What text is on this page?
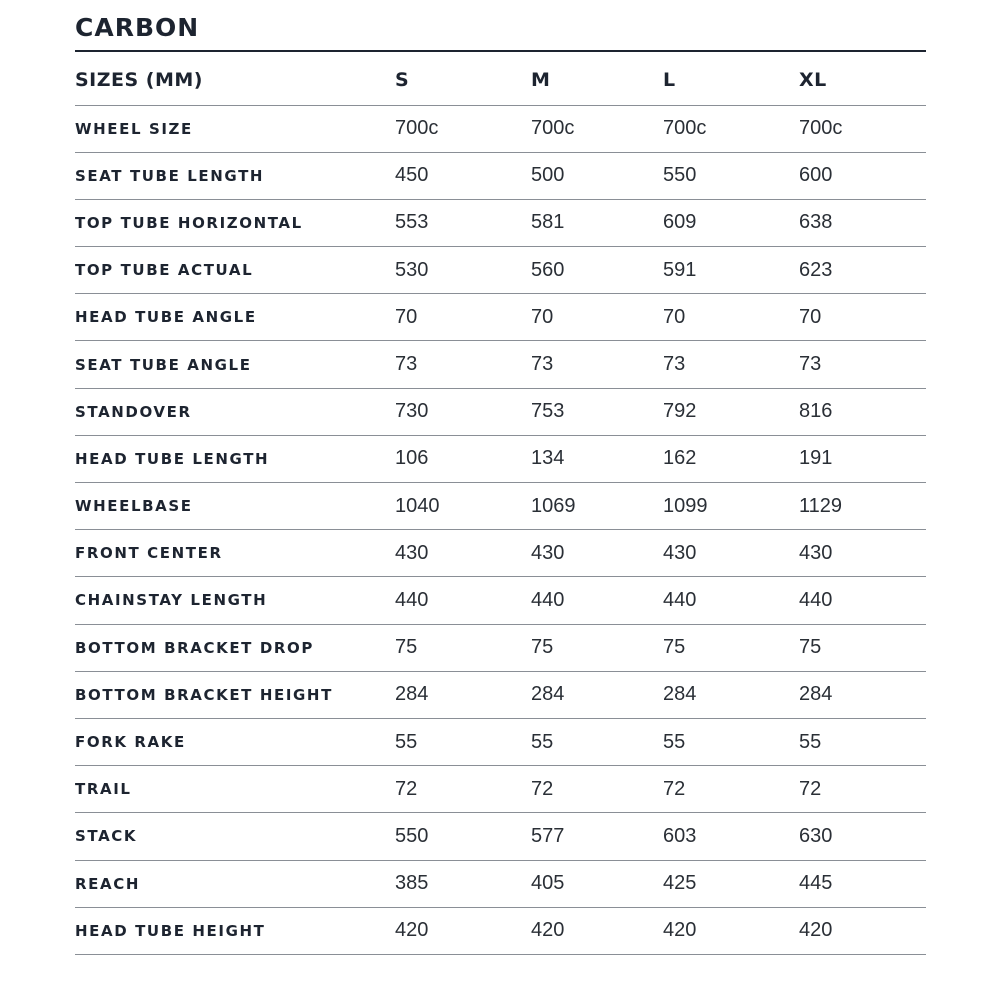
CARBON
SIZES (MM)	S	M	L	XL
WHEEL SIZE	700c	700c	700c	700c
SEAT TUBE LENGTH	450	500	550	600
TOP TUBE HORIZONTAL	553	581	609	638
TOP TUBE ACTUAL	530	560	591	623
HEAD TUBE ANGLE	70	70	70	70
SEAT TUBE ANGLE	73	73	73	73
STANDOVER	730	753	792	816
HEAD TUBE LENGTH	106	134	162	191
WHEELBASE	1040	1069	1099	1129
FRONT CENTER	430	430	430	430
CHAINSTAY LENGTH	440	440	440	440
BOTTOM BRACKET DROP	75	75	75	75
BOTTOM BRACKET HEIGHT	284	284	284	284
FORK RAKE	55	55	55	55
TRAIL	72	72	72	72
STACK	550	577	603	630
REACH	385	405	425	445
HEAD TUBE HEIGHT	420	420	420	420
